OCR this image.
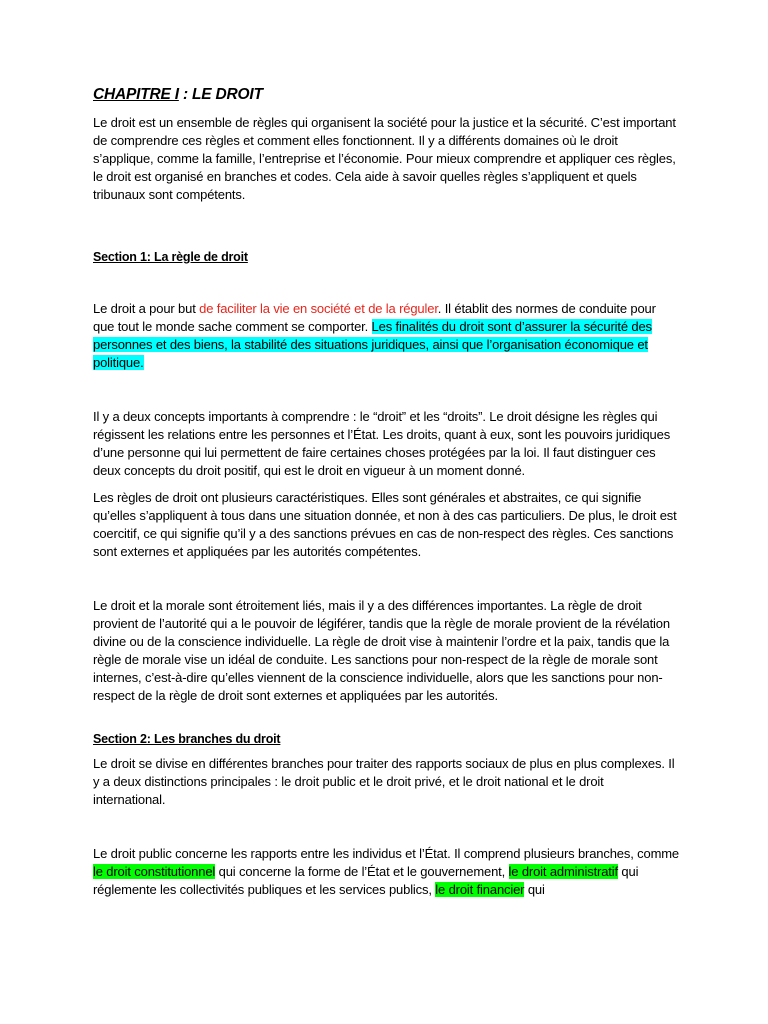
CHAPITRE I : LE DROIT

Le droit est un ensemble de règles qui organisent la société pour la justice et la sécurité. C’est important de comprendre ces règles et comment elles fonctionnent. Il y a différents domaines où le droit s’applique, comme la famille, l’entreprise et l’économie. Pour mieux comprendre et appliquer ces règles, le droit est organisé en branches et codes. Cela aide à savoir quelles règles s’appliquent et quels tribunaux sont compétents.

Section 1: La règle de droit

Le droit a pour but de faciliter la vie en société et de la réguler. Il établit des normes de conduite pour que tout le monde sache comment se comporter. Les finalités du droit sont d’assurer la sécurité des personnes et des biens, la stabilité des situations juridiques, ainsi que l’organisation économique et politique.

Il y a deux concepts importants à comprendre : le “droit” et les “droits”. Le droit désigne les règles qui régissent les relations entre les personnes et l’État. Les droits, quant à eux, sont les pouvoirs juridiques d’une personne qui lui permettent de faire certaines choses protégées par la loi. Il faut distinguer ces deux concepts du droit positif, qui est le droit en vigueur à un moment donné.

Les règles de droit ont plusieurs caractéristiques. Elles sont générales et abstraites, ce qui signifie qu’elles s’appliquent à tous dans une situation donnée, et non à des cas particuliers. De plus, le droit est coercitif, ce qui signifie qu’il y a des sanctions prévues en cas de non-respect des règles. Ces sanctions sont externes et appliquées par les autorités compétentes.

Le droit et la morale sont étroitement liés, mais il y a des différences importantes. La règle de droit provient de l’autorité qui a le pouvoir de légiférer, tandis que la règle de morale provient de la révélation divine ou de la conscience individuelle. La règle de droit vise à maintenir l’ordre et la paix, tandis que la règle de morale vise un idéal de conduite. Les sanctions pour non-respect de la règle de morale sont internes, c’est-à-dire qu’elles viennent de la conscience individuelle, alors que les sanctions pour non-respect de la règle de droit sont externes et appliquées par les autorités.

Section 2: Les branches du droit

Le droit se divise en différentes branches pour traiter des rapports sociaux de plus en plus complexes. Il y a deux distinctions principales : le droit public et le droit privé, et le droit national et le droit international.

Le droit public concerne les rapports entre les individus et l’État. Il comprend plusieurs branches, comme le droit constitutionnel qui concerne la forme de l’État et le gouvernement, le droit administratif qui réglemente les collectivités publiques et les services publics, le droit financier qui
